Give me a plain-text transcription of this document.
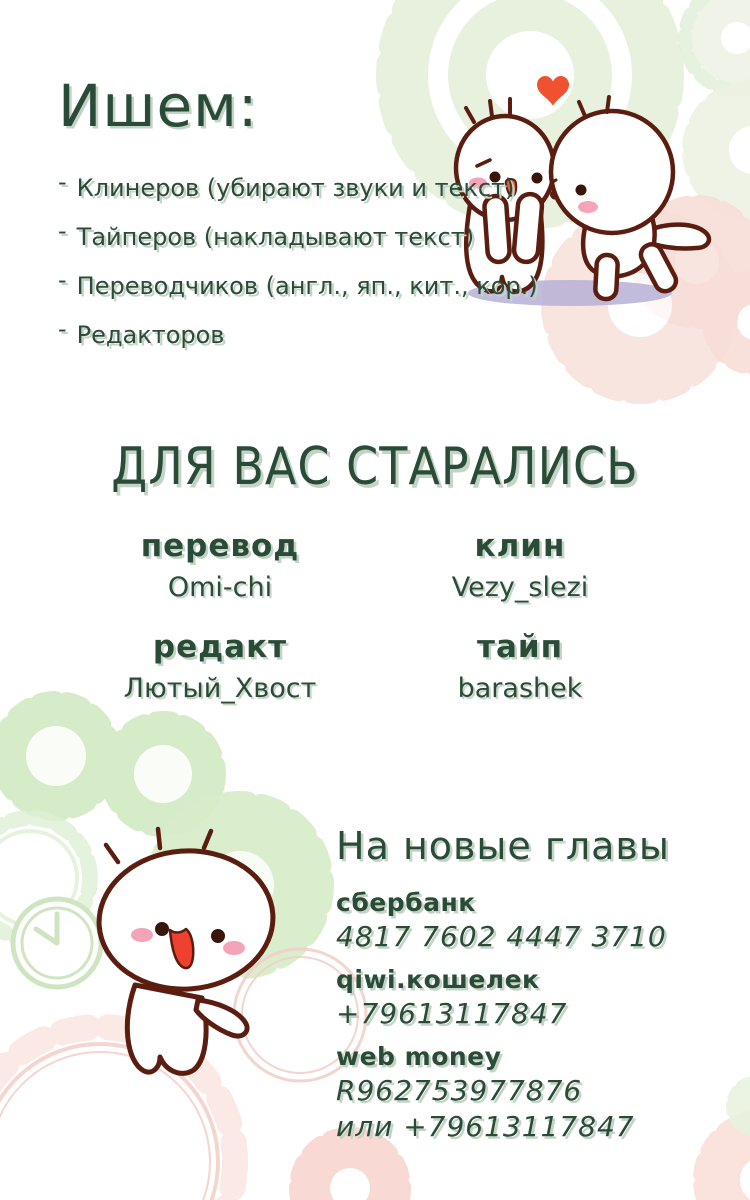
Ишем:
- Клинеров (убирают звуки и текст)
- Тайперов (накладывают текст)
- Переводчиков (англ., яп., кит., кор.)
- Редакторов
ДЛЯ ВАС СТАРАЛИСЬ
перевод
Omi-chi
клин
Vezy_slezi
редакт
Лютый_Хвост
тайп
barashek
На новые главы
сбербанк
4817 7602 4447 3710
qiwi.кошелек
+79613117847
web money
R962753977876
или +79613117847
